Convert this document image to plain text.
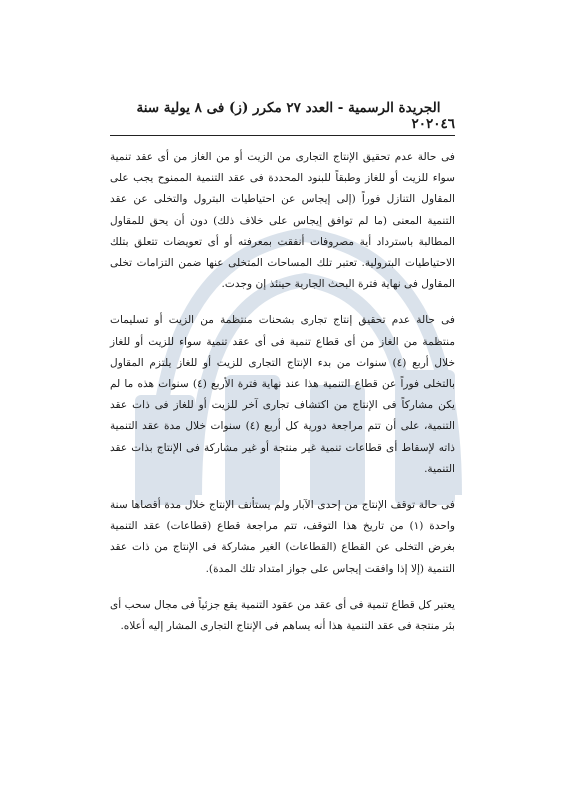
٤٦
الجريدة الرسمية - العدد ٢٧ مكرر (ز) فى ٨ يولية سنة ٢٠٢٠

فى حالة عدم تحقيق الإنتاج التجارى من الزيت أو من الغاز من أى عقد تنمية سواء للزيت أو للغاز وطبقاً للبنود المحددة فى عقد التنمية الممنوح يجب على المقاول التنازل فوراً (إلى إيجاس عن احتياطيات البترول والتخلى عن عقد التنمية المعنى (ما لم توافق إيجاس على خلاف ذلك) دون أن يحق للمقاول المطالبة باسترداد أية مصروفات أنفقت بمعرفته أو أى تعويضات تتعلق بتلك الاحتياطيات البترولية. تعتبر تلك المساحات المتخلى عنها ضمن التزامات تخلى المقاول فى نهاية فترة البحث الجارية حينئذ إن وجدت.

فى حالة عدم تحقيق إنتاج تجارى بشحنات منتظمة من الزيت أو تسليمات منتظمة من الغاز من أى قطاع تنمية فى أى عقد تنمية سواء للزيت أو للغاز خلال أربع (٤) سنوات من بدء الإنتاج التجارى للزيت أو للغاز يلتزم المقاول بالتخلى فوراً عن قطاع التنمية هذا عند نهاية فترة الأربع (٤) سنوات هذه ما لم يكن مشاركاً فى الإنتاج من اكتشاف تجارى آخر للزيت أو للغاز فى ذات عقد التنمية، على أن تتم مراجعة دورية كل أربع (٤) سنوات خلال مدة عقد التنمية ذاته لإسقاط أى قطاعات تنمية غير منتجة أو غير مشاركة فى الإنتاج بذات عقد التنمية.

فى حالة توقف الإنتاج من إحدى الآبار ولم يستأنف الإنتاج خلال مدة أقصاها سنة واحدة (١) من تاريخ هذا التوقف، تتم مراجعة قطاع (قطاعات) عقد التنمية بغرض التخلى عن القطاع (القطاعات) الغير مشاركة فى الإنتاج من ذات عقد التنمية (إلا إذا وافقت إيجاس على جواز امتداد تلك المدة).

يعتبر كل قطاع تنمية فى أى عقد من عقود التنمية يقع جزئياً فى مجال سحب أى بئر منتجة فى عقد التنمية هذا أنه يساهم فى الإنتاج التجارى المشار إليه أعلاه.
